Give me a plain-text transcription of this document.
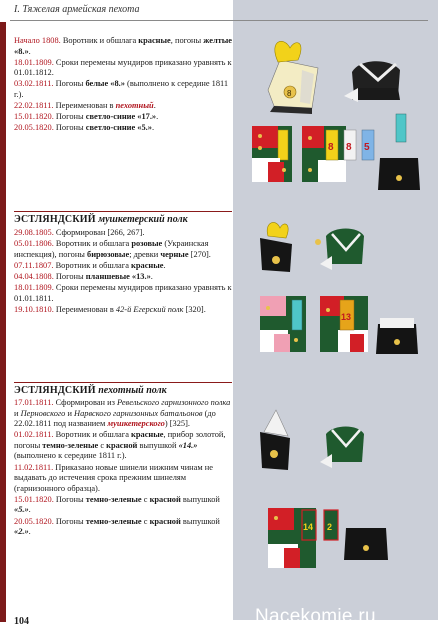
I. Тяжелая армейская пехота
Начало 1808. Воротник и обшлага красные, погоны желтые «8.».
18.01.1809. Сроки перемены мундиров приказано уравнять к 01.01.1812.
03.02.1811. Погоны белые «8.» (выполнено к середине 1811 г.).
22.02.1811. Переименован в пехотный.
15.01.1820. Погоны светло-синие «17.».
20.05.1820. Погоны светло-синие «5.».
ЭСТЛЯНДСКИЙ мушкетерский полк
29.08.1805. Сформирован [266, 267].
05.01.1806. Воротник и обшлага розовые (Украинская инспекция), погоны бирюзовые; древки черные [270].
07.11.1807. Воротник и обшлага красные.
04.04.1808. Погоны планшевые «13.».
18.01.1809. Сроки перемены мундиров приказано уравнять к 01.01.1811.
19.10.1810. Переименован в 42-й Егерский полк [320].
ЭСТЛЯНДСКИЙ пехотный полк
17.01.1811. Сформирован из Ревельского гарнизонного полка и Перновского и Нарвского гарнизонных батальонов (до 22.02.1811 под названием мушкетерского) [325].
01.02.1811. Воротник и обшлага красные, прибор золотой, погоны темно-зеленые с красной выпушкой «14.» (выполнено к середине 1811 г.).
11.02.1811. Приказано новые шинели нижним чинам не выдавать до истечения срока прежним шинелям (гарнизонного образца).
15.01.1820. Погоны темно-зеленые с красной выпушкой «5.».
20.05.1820. Погоны темно-зеленые с красной выпушкой «2.».
8
8 8 5
13
14 2
104	Nacekomie.ru
